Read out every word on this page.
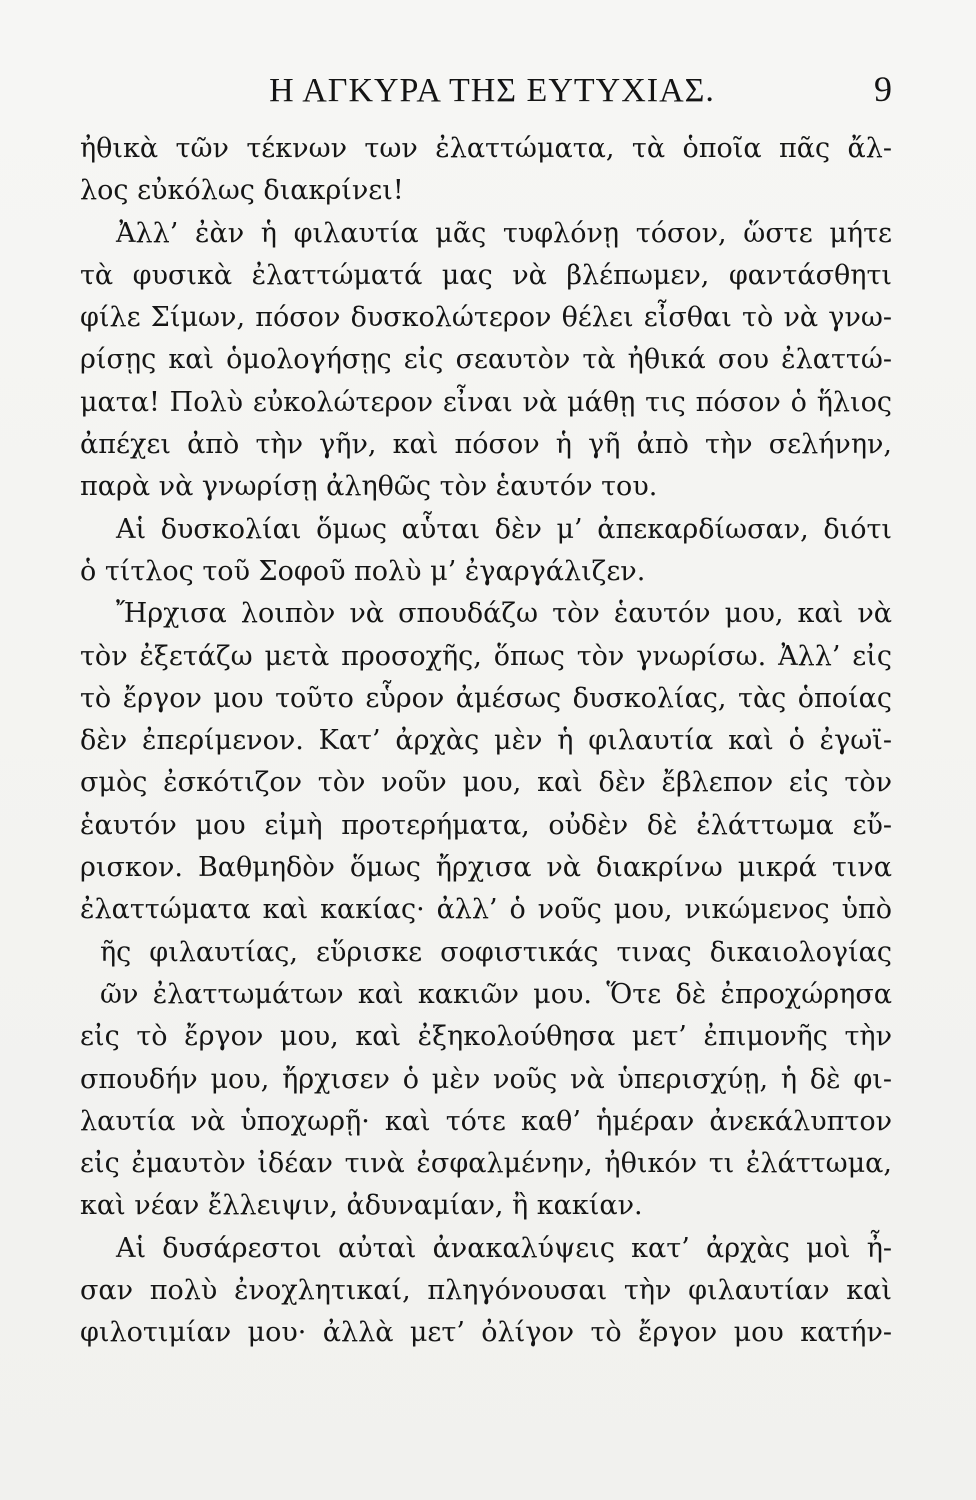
Η ΑΓΚΥΡΑ ΤΗΣ ΕΥΤΥΧΙΑΣ.	9
ἠθικὰ τῶν τέκνων των ἐλαττώματα, τὰ ὁποῖα πᾶς ἄλ-
λος εὐκόλως διακρίνει!
Ἀλλ’ ἐὰν ἡ φιλαυτία μᾶς τυφλόνῃ τόσον, ὥστε μήτε
τὰ φυσικὰ ἐλαττώματά μας νὰ βλέπωμεν, φαντάσθητι
φίλε Σίμων, πόσον δυσκολώτερον θέλει εἶσθαι τὸ νὰ γνω-
ρίσῃς καὶ ὁμολογήσῃς εἰς σεαυτὸν τὰ ἠθικά σου ἐλαττώ-
ματα! Πολὺ εὐκολώτερον εἶναι νὰ μάθῃ τις πόσον ὁ ἥλιος
ἀπέχει ἀπὸ τὴν γῆν, καὶ πόσον ἡ γῆ ἀπὸ τὴν σελήνην,
παρὰ νὰ γνωρίσῃ ἀληθῶς τὸν ἑαυτόν του.
Αἱ δυσκολίαι ὅμως αὗται δὲν μ’ ἀπεκαρδίωσαν, διότι
ὁ τίτλος τοῦ Σοφοῦ πολὺ μ’ ἐγαργάλιζεν.
Ἤρχισα λοιπὸν νὰ σπουδάζω τὸν ἑαυτόν μου, καὶ νὰ
τὸν ἐξετάζω μετὰ προσοχῆς, ὅπως τὸν γνωρίσω. Ἀλλ’ εἰς
τὸ ἔργον μου τοῦτο εὗρον ἀμέσως δυσκολίας, τὰς ὁποίας
δὲν ἐπερίμενον. Κατ’ ἀρχὰς μὲν ἡ φιλαυτία καὶ ὁ ἐγωϊ-
σμὸς ἐσκότιζον τὸν νοῦν μου, καὶ δὲν ἔβλεπον εἰς τὸν
ἑαυτόν μου εἰμὴ προτερήματα, οὐδὲν δὲ ἐλάττωμα εὔ-
ρισκον. Βαθμηδὸν ὅμως ἤρχισα νὰ διακρίνω μικρά τινα
ἐλαττώματα καὶ κακίας· ἀλλ’ ὁ νοῦς μου, νικώμενος ὑπὸ
ῆς φιλαυτίας, εὕρισκε σοφιστικάς τινας δικαιολογίας
ῶν ἐλαττωμάτων καὶ κακιῶν μου. Ὅτε δὲ ἐπροχώρησα
εἰς τὸ ἔργον μου, καὶ ἐξηκολούθησα μετ’ ἐπιμονῆς τὴν
σπουδήν μου, ἤρχισεν ὁ μὲν νοῦς νὰ ὑπερισχύῃ, ἡ δὲ φι-
λαυτία νὰ ὑποχωρῇ· καὶ τότε καθ’ ἡμέραν ἀνεκάλυπτον
εἰς ἐμαυτὸν ἰδέαν τινὰ ἐσφαλμένην, ἠθικόν τι ἐλάττωμα,
καὶ νέαν ἔλλειψιν, ἀδυναμίαν, ἢ κακίαν.
Αἱ δυσάρεστοι αὐταὶ ἀνακαλύψεις κατ’ ἀρχὰς μοὶ ἦ-
σαν πολὺ ἐνοχλητικαί, πληγόνουσαι τὴν φιλαυτίαν καὶ
φιλοτιμίαν μου· ἀλλὰ μετ’ ὀλίγον τὸ ἔργον μου κατήν-
